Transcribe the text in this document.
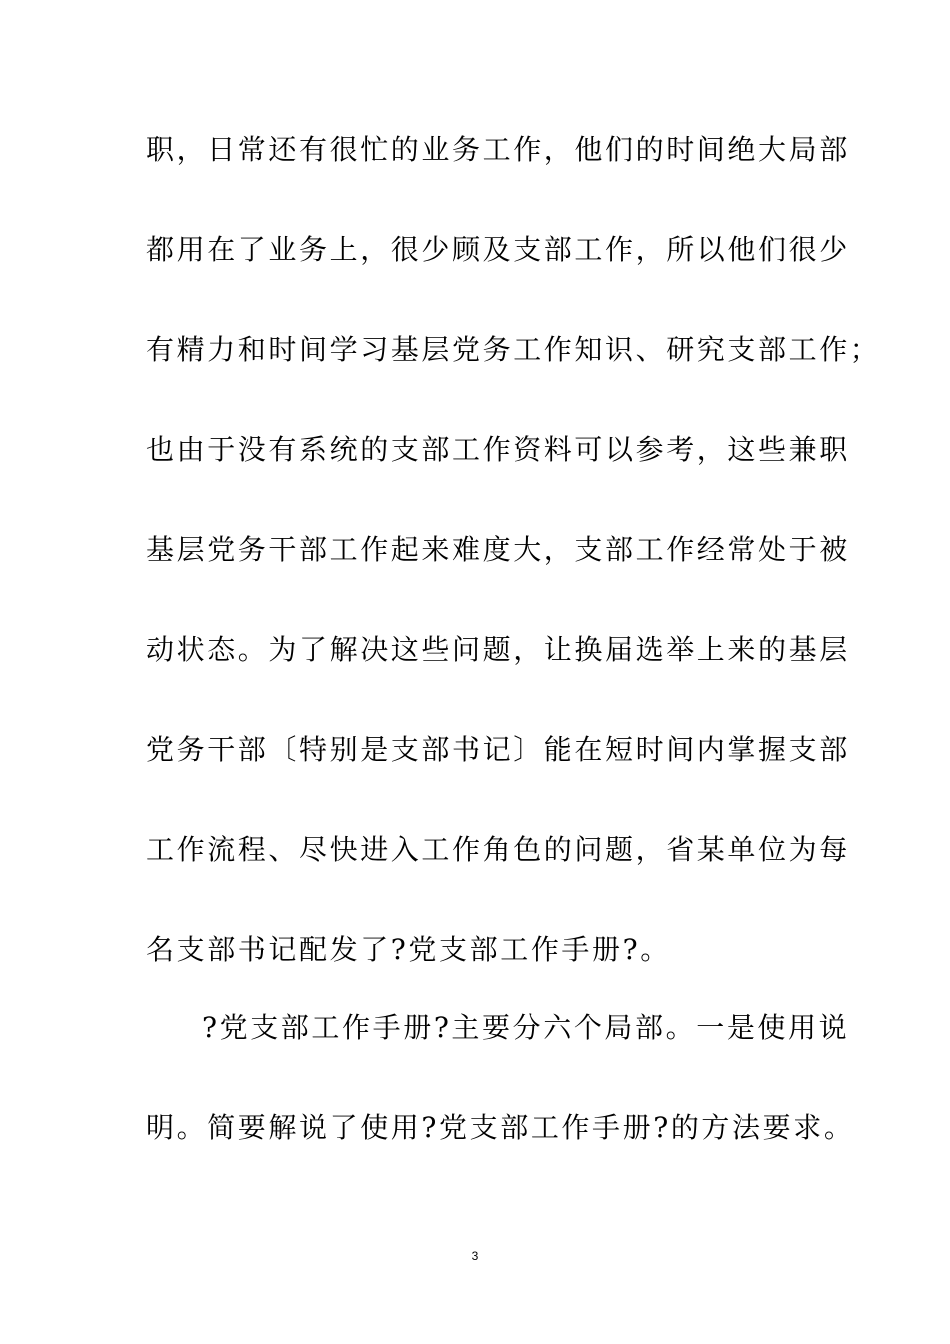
职，日常还有很忙的业务工作，他们的时间绝大局部
都用在了业务上，很少顾及支部工作，所以他们很少
有精力和时间学习基层党务工作知识、研究支部工作；
也由于没有系统的支部工作资料可以参考，这些兼职
基层党务干部工作起来难度大，支部工作经常处于被
动状态。为了解决这些问题，让换届选举上来的基层
党务干部〔特别是支部书记〕能在短时间内掌握支部
工作流程、尽快进入工作角色的问题，省某单位为每
名支部书记配发了?党支部工作手册?。
?党支部工作手册?主要分六个局部。一是使用说
明。简要解说了使用?党支部工作手册?的方法要求。
3
